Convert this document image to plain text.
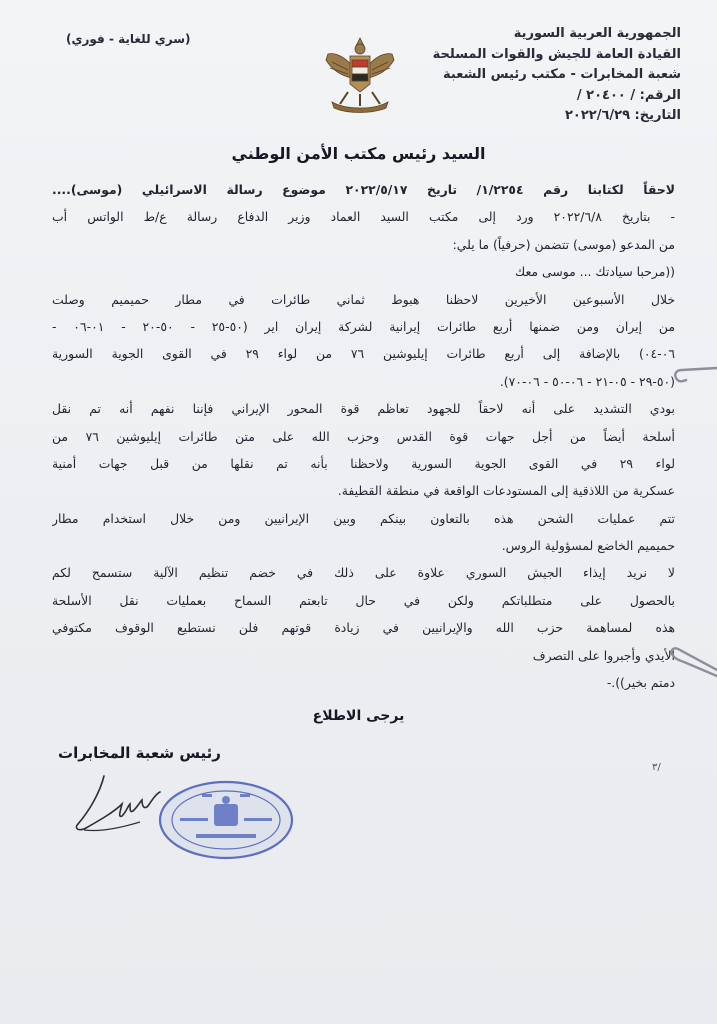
الجمهورية العربية السورية
القيادة العامة للجيش والقوات المسلحة
شعبة المخابرات - مكتب رئيس الشعبة
الرقم: / ٢٠٤٠٠ /
التاريخ: ٢٠٢٢/٦/٢٩
(سري للغاية - فوري)
السيد رئيس مكتب الأمن الوطني
لاحقاً لكتابنا رقم ١/٢٢٥٤/ تاريخ ٢٠٢٢/٥/١٧ موضوع رسالة الاسرائيلي (موسى)....
- بتاريخ ٢٠٢٢/٦/٨ ورد إلى مكتب السيد العماد وزير الدفاع رسالة ع/ط الواتس أب
من المدعو (موسى) تتضمن (حرفياً) ما يلي:
((مرحبا سيادتك ... موسى معك
خلال الأسبوعين الأخيرين لاحظنا هبوط ثماني طائرات في مطار حميميم وصلت
من إيران ومن ضمنها أربع طائرات إيرانية لشركة إيران اير (٥٠-٢٥ - ٥٠-٢٠ - ٠١-٠٦ -
٠٦-٠٤) بالإضافة إلى أربع طائرات إيليوشين ٧٦ من لواء ٢٩ في القوى الجوية السورية
(٥٠-٢٩ - ٠٥-٢١ - ٠٦-٥٠ - ٠٦-٧٠).
بودي التشديد على أنه لاحقاً للجهود تعاظم قوة المحور الإيراني فإننا نفهم أنه تم نقل
أسلحة أيضاً من أجل جهات قوة القدس وحزب الله على متن طائرات إيليوشين ٧٦ من
لواء ٢٩ في القوى الجوية السورية ولاحظنا بأنه تم نقلها من قبل جهات أمنية
عسكرية من اللاذقية إلى المستودعات الواقعة في منطقة القطيفة.
تتم عمليات الشحن هذه بالتعاون بينكم وبين الإيرانيين ومن خلال استخدام مطار
حميميم الخاضع لمسؤولية الروس.
لا نريد إيذاء الجيش السوري علاوة على ذلك في خضم تنظيم الآلية ستسمح لكم
بالحصول على متطلباتكم ولكن في حال تابعتم السماح بعمليات نقل الأسلحة
هذه لمساهمة حزب الله والإيرانيين في زيادة قوتهم فلن نستطيع الوقوف مكتوفي
الأيدي وأجبروا على التصرف
دمتم بخير)).-
يرجى الاطلاع
رئيس شعبة المخابرات
٣/
